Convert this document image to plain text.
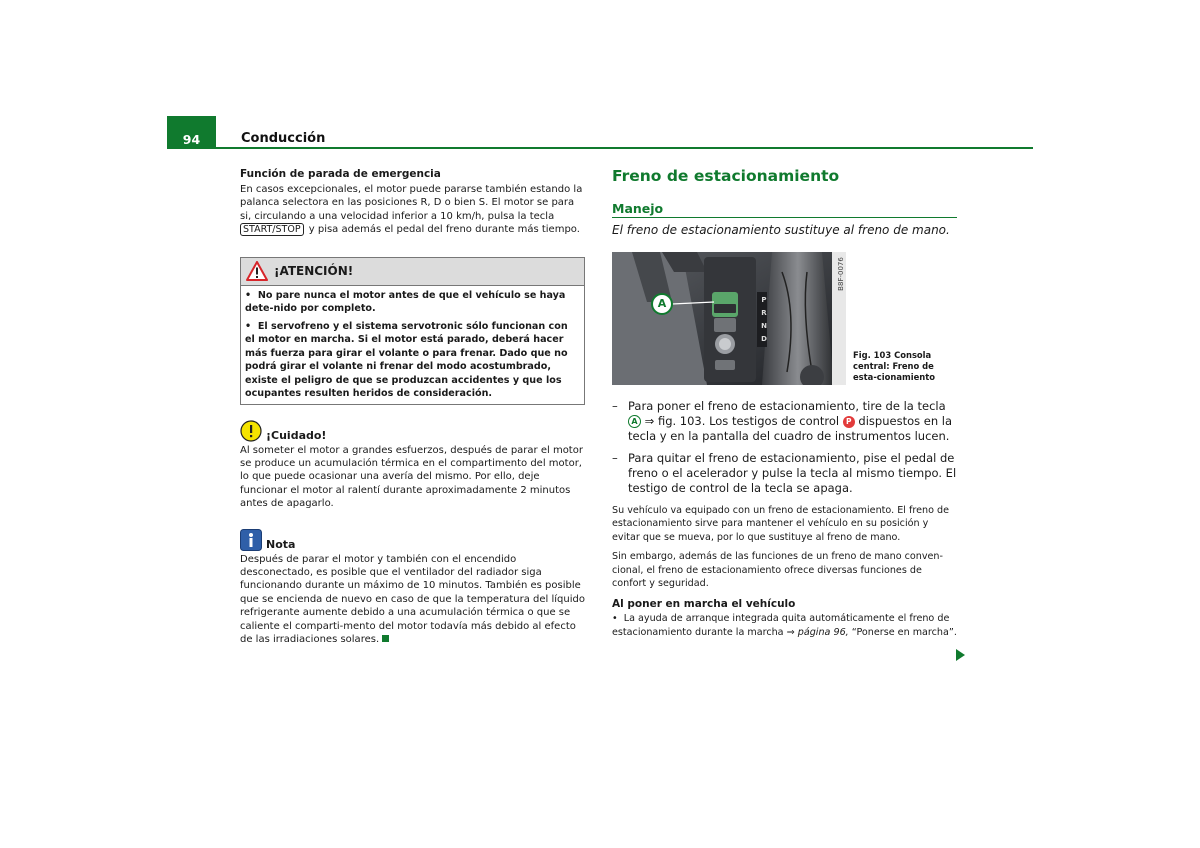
94	Conducción
Función de parada de emergencia
En casos excepcionales, el motor puede pararse también estando la palanca selectora en las posiciones R, D o bien S. El motor se para si, circulando a una velocidad inferior a 10 km/h, pulsa la tecla START/STOP y pisa además el pedal del freno durante más tiempo.
¡ATENCIÓN!
•  No pare nunca el motor antes de que el vehículo se haya dete-nido por completo.
•  El servofreno y el sistema servotronic sólo funcionan con el motor en marcha. Si el motor está parado, deberá hacer más fuerza para girar el volante o para frenar. Dado que no podrá girar el volante ni frenar del modo acostumbrado, existe el peligro de que se produzcan accidentes y que los ocupantes resulten heridos de consideración.
¡Cuidado!
Al someter el motor a grandes esfuerzos, después de parar el motor se produce un acumulación térmica en el compartimento del motor, lo que puede ocasionar una avería del mismo. Por ello, deje funcionar el motor al ralentí durante aproximadamente 2 minutos antes de apagarlo.
Nota
Después de parar el motor y también con el encendido desconectado, es posible que el ventilador del radiador siga funcionando durante un máximo de 10 minutos. También es posible que se encienda de nuevo en caso de que la temperatura del líquido refrigerante aumente debido a una acumulación térmica o que se caliente el comparti-mento del motor todavía más debido al efecto de las irradiaciones solares.
Freno de estacionamiento
Manejo
El freno de estacionamiento sustituye al freno de mano.
A	P
R
N
D
B8F-0076
Fig. 103 Consola central: Freno de esta-cionamiento
– Para poner el freno de estacionamiento, tire de la tecla A ⇒ fig. 103. Los testigos de control P dispuestos en la tecla y en la pantalla del cuadro de instrumentos lucen.
– Para quitar el freno de estacionamiento, pise el pedal de freno o el acelerador y pulse la tecla al mismo tiempo. El testigo de control de la tecla se apaga.
Su vehículo va equipado con un freno de estacionamiento. El freno de estacionamiento sirve para mantener el vehículo en su posición y evitar que se mueva, por lo que sustituye al freno de mano.
Sin embargo, además de las funciones de un freno de mano conven-cional, el freno de estacionamiento ofrece diversas funciones de confort y seguridad.
Al poner en marcha el vehículo
•  La ayuda de arranque integrada quita automáticamente el freno de estacionamiento durante la marcha ⇒ página 96, “Ponerse en marcha”.
